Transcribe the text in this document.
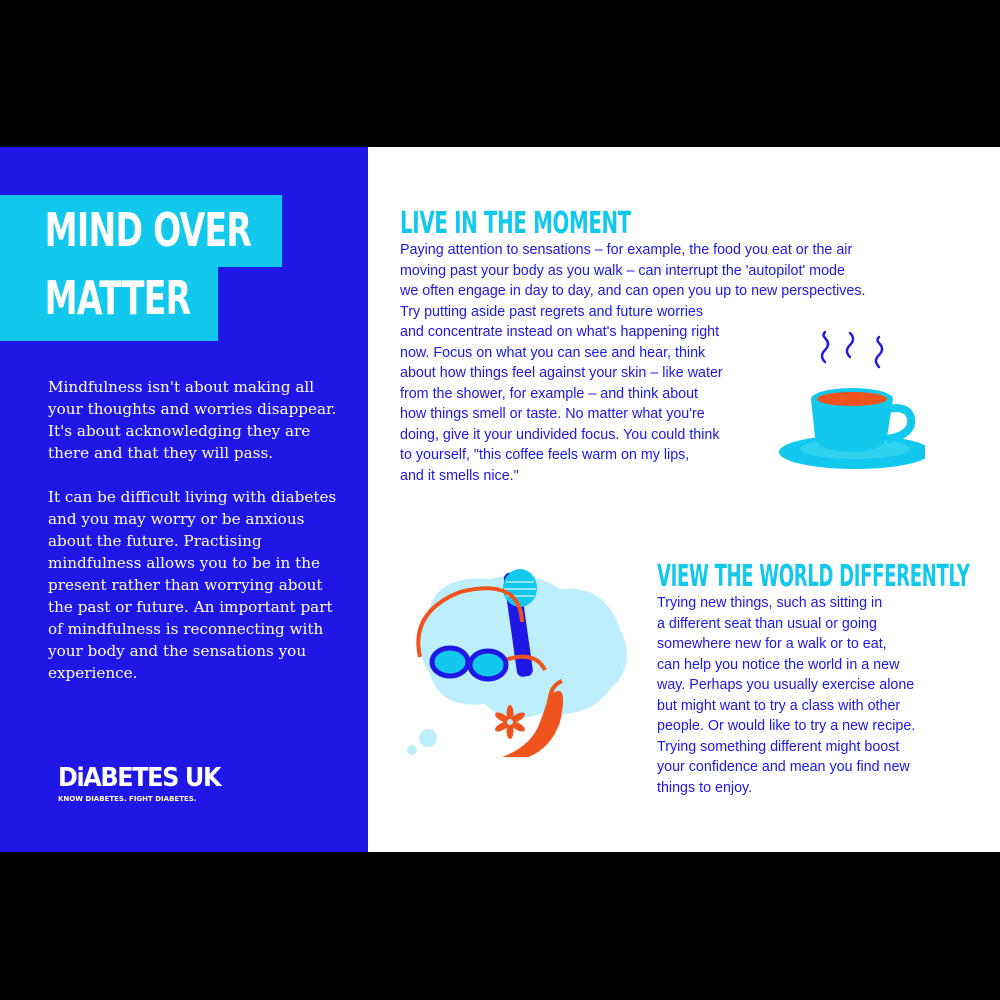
MIND OVER
MATTER

Mindfulness isn't about making all your thoughts and worries disappear. It's about acknowledging they are there and that they will pass.

It can be difficult living with diabetes and you may worry or be anxious about the future. Practising mindfulness allows you to be in the present rather than worrying about the past or future. An important part of mindfulness is reconnecting with your body and the sensations you experience.

DiABETES UK
KNOW DIABETES. FIGHT DIABETES.
LIVE IN THE MOMENT
Paying attention to sensations – for example, the food you eat or the air
moving past your body as you walk – can interrupt the 'autopilot' mode
we often engage in day to day, and can open you up to new perspectives.
Try putting aside past regrets and future worries
and concentrate instead on what's happening right
now. Focus on what you can see and hear, think
about how things feel against your skin – like water
from the shower, for example – and think about
how things smell or taste. No matter what you're
doing, give it your undivided focus. You could think
to yourself, "this coffee feels warm on my lips,
and it smells nice."
VIEW THE WORLD DIFFERENTLY
Trying new things, such as sitting in
a different seat than usual or going
somewhere new for a walk or to eat,
can help you notice the world in a new
way. Perhaps you usually exercise alone
but might want to try a class with other
people. Or would like to try a new recipe.
Trying something different might boost
your confidence and mean you find new
things to enjoy.
